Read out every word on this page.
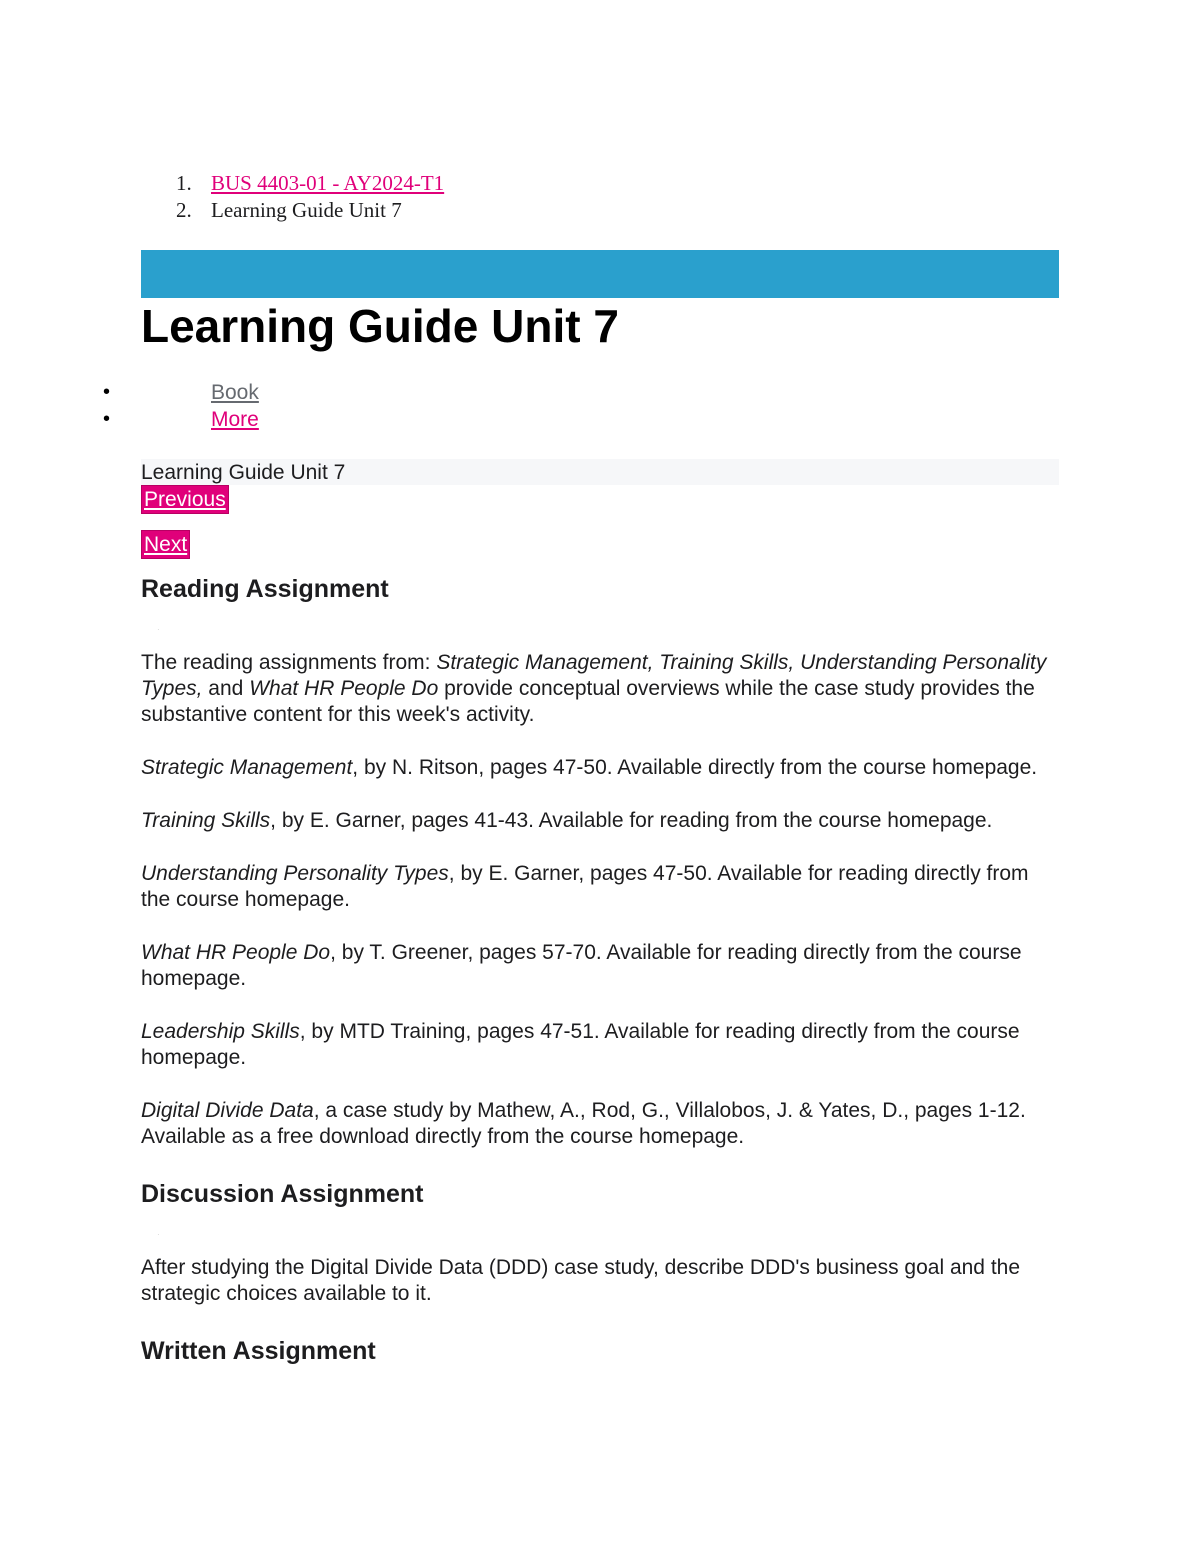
1. BUS 4403-01 - AY2024-T1
2. Learning Guide Unit 7
Learning Guide Unit 7
•	Book
•	More
Learning Guide Unit 7
Previous
Next
Reading Assignment
·

The reading assignments from: Strategic Management, Training Skills, Understanding Personality Types, and What HR People Do provide conceptual overviews while the case study provides the substantive content for this week's activity.

Strategic Management, by N. Ritson, pages 47-50. Available directly from the course homepage.

Training Skills, by E. Garner, pages 41-43. Available for reading from the course homepage.

Understanding Personality Types, by E. Garner, pages 47-50. Available for reading directly from the course homepage.

What HR People Do, by T. Greener, pages 57-70. Available for reading directly from the course homepage.

Leadership Skills, by MTD Training, pages 47-51. Available for reading directly from the course homepage.

Digital Divide Data, a case study by Mathew, A., Rod, G., Villalobos, J. & Yates, D., pages 1-12. Available as a free download directly from the course homepage.

Discussion Assignment
·

After studying the Digital Divide Data (DDD) case study, describe DDD's business goal and the strategic choices available to it.

Written Assignment
